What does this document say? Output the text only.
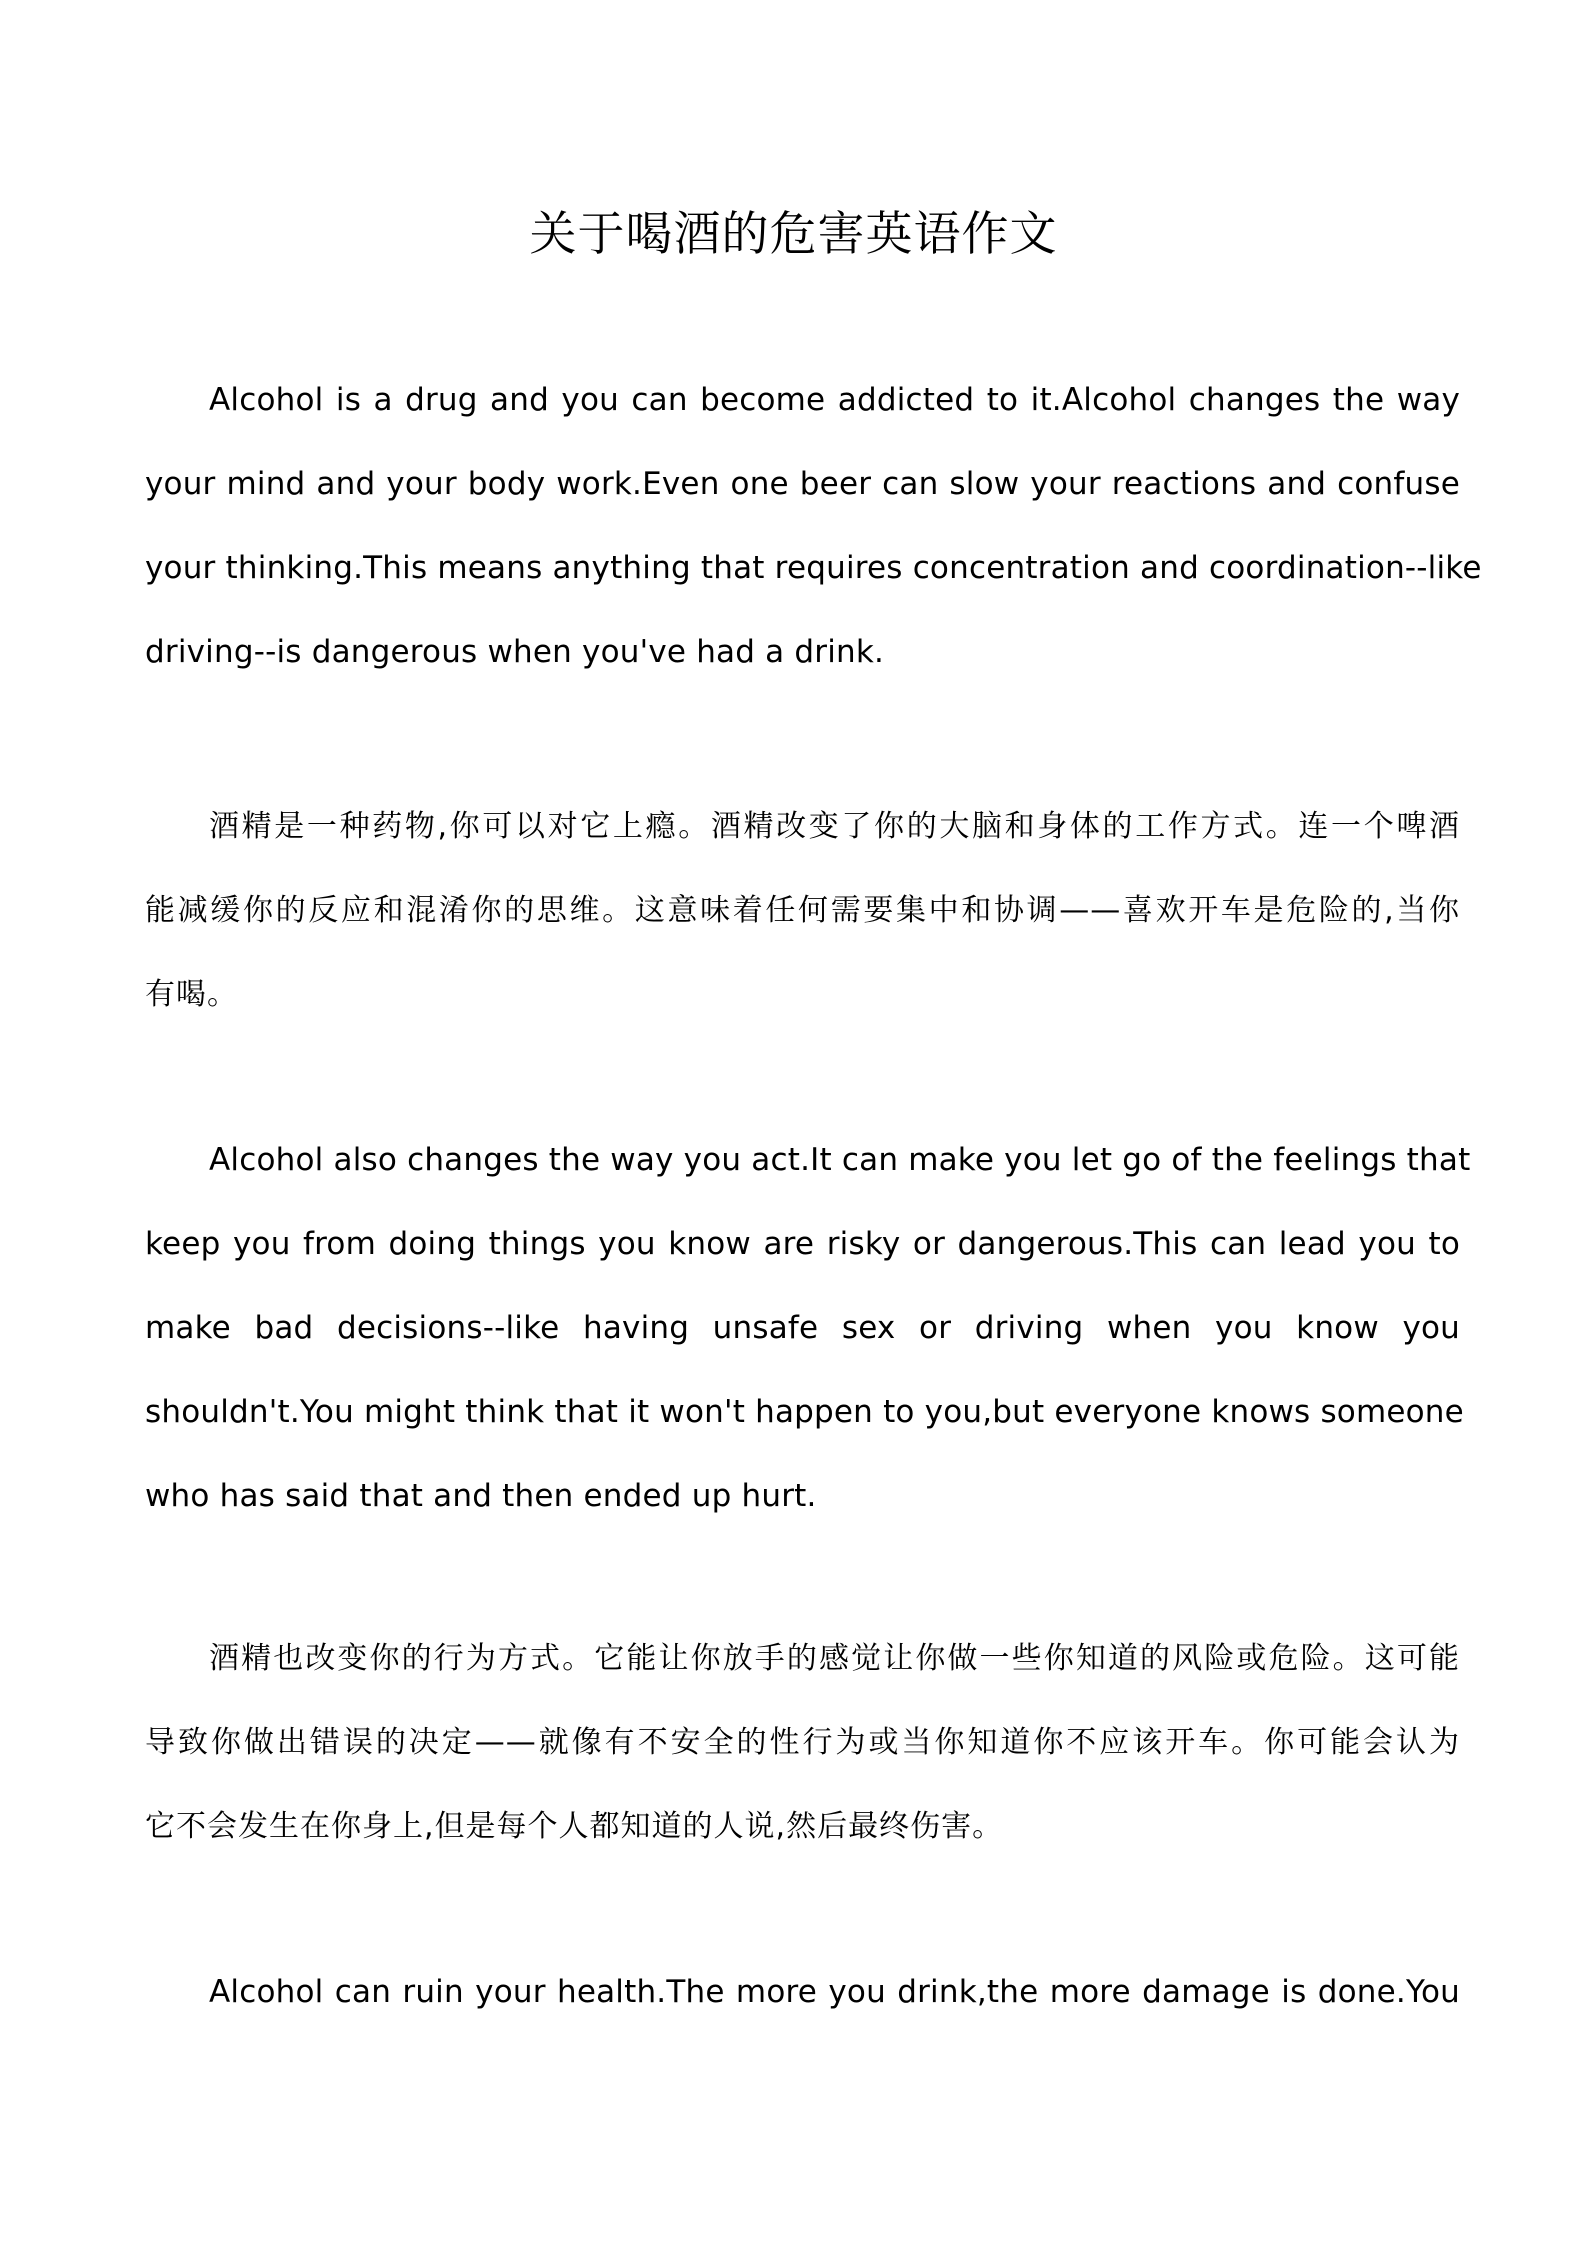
关于喝酒的危害英语作文

Alcohol is a drug and you can become addicted to it.Alcohol changes the way
your mind and your body work.Even one beer can slow your reactions and confuse
your thinking.This means anything that requires concentration and coordination--like
driving--is dangerous when you've had a drink.

酒精是一种药物,你可以对它上瘾。酒精改变了你的大脑和身体的工作方式。连一个啤酒
能减缓你的反应和混淆你的思维。这意味着任何需要集中和协调——喜欢开车是危险的,当你
有喝。

Alcohol also changes the way you act.It can make you let go of the feelings that
keep you from doing things you know are risky or dangerous.This can lead you to
make bad decisions--like having unsafe sex or driving when you know you
shouldn't.You might think that it won't happen to you,but everyone knows someone
who has said that and then ended up hurt.

酒精也改变你的行为方式。它能让你放手的感觉让你做一些你知道的风险或危险。这可能
导致你做出错误的决定——就像有不安全的性行为或当你知道你不应该开车。你可能会认为
它不会发生在你身上,但是每个人都知道的人说,然后最终伤害。

Alcohol can ruin your health.The more you drink,the more damage is done.You
